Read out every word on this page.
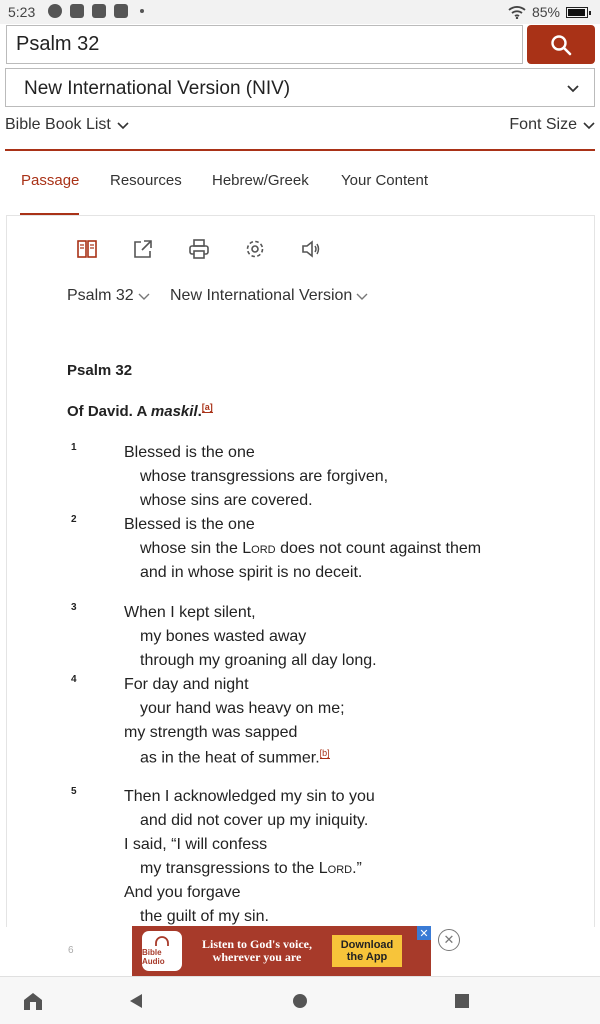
5:23	85%
Psalm 32
New International Version (NIV)
Bible Book List	Font Size
Passage Resources Hebrew/Greek Your Content
Psalm 32 New International Version
Psalm 32
Of David. A maskil.[a]
1	Blessed is the one
whose transgressions are forgiven,
whose sins are covered.
2	Blessed is the one
whose sin the Lord does not count against them
and in whose spirit is no deceit.
3	When I kept silent,
my bones wasted away
through my groaning all day long.
4	For day and night
your hand was heavy on me;
my strength was sapped
as in the heat of summer.[b]
5	Then I acknowledged my sin to you
and did not cover up my iniquity.
I said, “I will confess
my transgressions to the Lord.”
And you forgave
the guilt of my sin.
6	Bible Audio
Listen to God's voice, wherever you are
Download the App
✕	✕
